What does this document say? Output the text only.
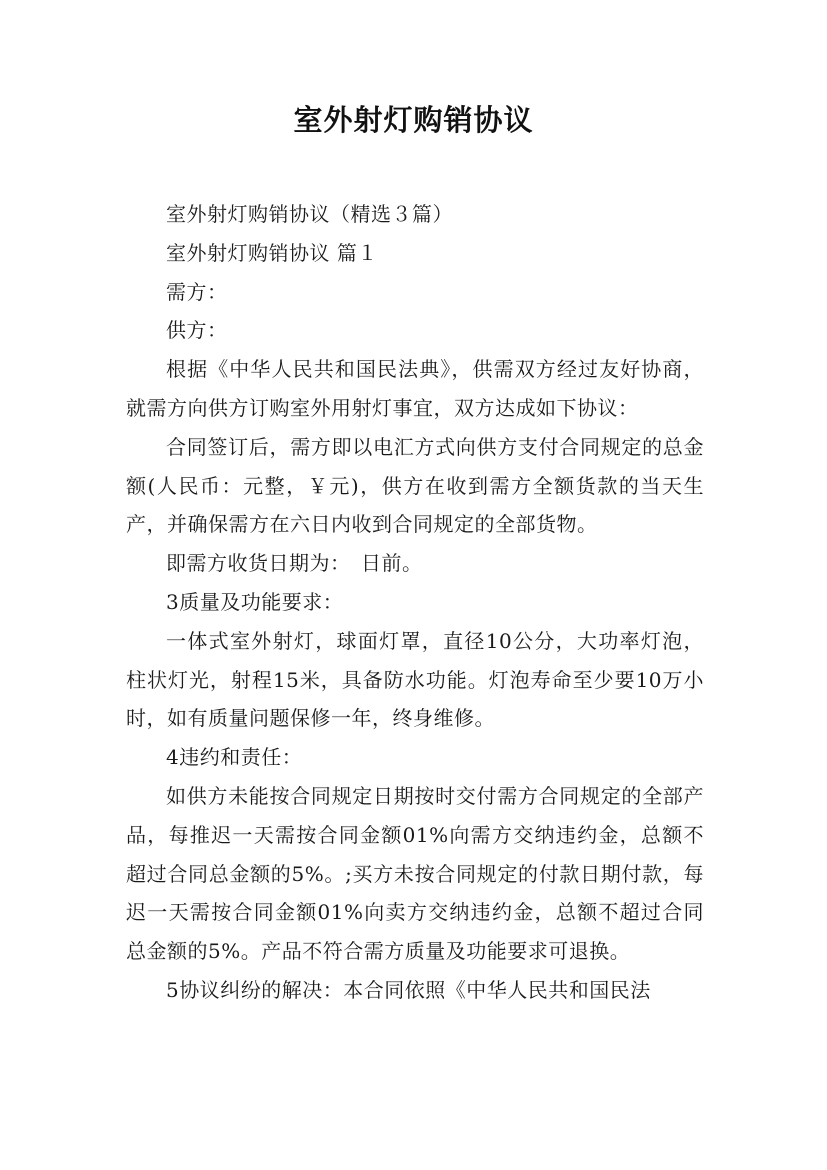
室外射灯购销协议

室外射灯购销协议（精选３篇）

室外射灯购销协议 篇１

需方：

供方：

根据《中华人民共和国民法典》，供需双方经过友好协商，就需方向供方订购室外用射灯事宜，双方达成如下协议：

合同签订后，需方即以电汇方式向供方支付合同规定的总金额(人民币：元整，￥元)，供方在收到需方全额货款的当天生产，并确保需方在六日内收到合同规定的全部货物。

即需方收货日期为：　日前。

3质量及功能要求：

一体式室外射灯，球面灯罩，直径10公分，大功率灯泡，柱状灯光，射程15米，具备防水功能。灯泡寿命至少要10万小时，如有质量问题保修一年，终身维修。

4违约和责任：

如供方未能按合同规定日期按时交付需方合同规定的全部产品，每推迟一天需按合同金额01%向需方交纳违约金，总额不超过合同总金额的5%。;买方未按合同规定的付款日期付款，每迟一天需按合同金额01%向卖方交纳违约金，总额不超过合同总金额的5%。产品不符合需方质量及功能要求可退换。

5协议纠纷的解决：本合同依照《中华人民共和国民法
